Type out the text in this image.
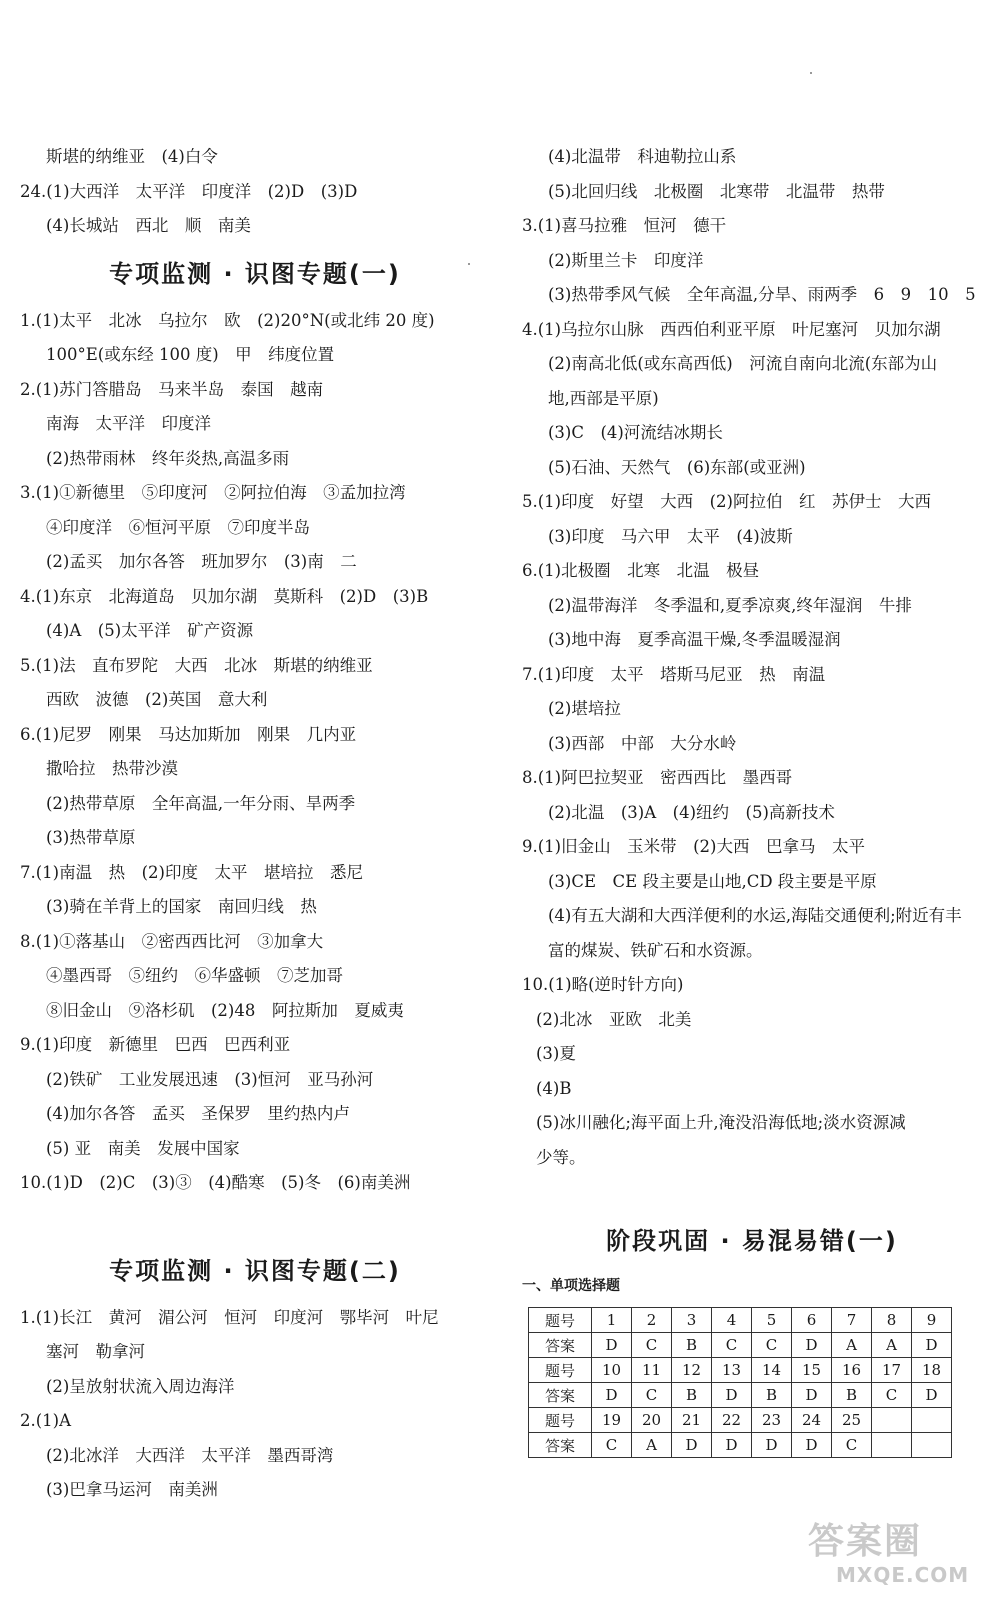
斯堪的纳维亚　(4)白令
24.(1)大西洋　太平洋　印度洋　(2)D　(3)D
(4)长城站　西北　顺　南美
专项监测 · 识图专题(一)
1.(1)太平　北冰　乌拉尔　欧　(2)20°N(或北纬 20 度)
100°E(或东经 100 度)　甲　纬度位置
2.(1)苏门答腊岛　马来半岛　泰国　越南
南海　太平洋　印度洋
(2)热带雨林　终年炎热,高温多雨
3.(1)①新德里　⑤印度河　②阿拉伯海　③孟加拉湾
④印度洋　⑥恒河平原　⑦印度半岛
(2)孟买　加尔各答　班加罗尔　(3)南　二
4.(1)东京　北海道岛　贝加尔湖　莫斯科　(2)D　(3)B
(4)A　(5)太平洋　矿产资源
5.(1)法　直布罗陀　大西　北冰　斯堪的纳维亚
西欧　波德　(2)英国　意大利
6.(1)尼罗　刚果　马达加斯加　刚果　几内亚
撒哈拉　热带沙漠
(2)热带草原　全年高温,一年分雨、旱两季
(3)热带草原
7.(1)南温　热　(2)印度　太平　堪培拉　悉尼
(3)骑在羊背上的国家　南回归线　热
8.(1)①落基山　②密西西比河　③加拿大
④墨西哥　⑤纽约　⑥华盛顿　⑦芝加哥
⑧旧金山　⑨洛杉矶　(2)48　阿拉斯加　夏威夷
9.(1)印度　新德里　巴西　巴西利亚
(2)铁矿　工业发展迅速　(3)恒河　亚马孙河
(4)加尔各答　孟买　圣保罗　里约热内卢
(5) 亚　南美　发展中国家
10.(1)D　(2)C　(3)③　(4)酷寒　(5)冬　(6)南美洲
专项监测 · 识图专题(二)
1.(1)长江　黄河　湄公河　恒河　印度河　鄂毕河　叶尼
塞河　勒拿河
(2)呈放射状流入周边海洋
2.(1)A
(2)北冰洋　大西洋　太平洋　墨西哥湾
(3)巴拿马运河　南美洲
(4)北温带　科迪勒拉山系
(5)北回归线　北极圈　北寒带　北温带　热带
3.(1)喜马拉雅　恒河　德干
(2)斯里兰卡　印度洋
(3)热带季风气候　全年高温,分旱、雨两季　6　9　10　5
4.(1)乌拉尔山脉　西西伯利亚平原　叶尼塞河　贝加尔湖
(2)南高北低(或东高西低)　河流自南向北流(东部为山
地,西部是平原)
(3)C　(4)河流结冰期长
(5)石油、天然气　(6)东部(或亚洲)
5.(1)印度　好望　大西　(2)阿拉伯　红　苏伊士　大西
(3)印度　马六甲　太平　(4)波斯
6.(1)北极圈　北寒　北温　极昼
(2)温带海洋　冬季温和,夏季凉爽,终年湿润　牛排
(3)地中海　夏季高温干燥,冬季温暖湿润
7.(1)印度　太平　塔斯马尼亚　热　南温
(2)堪培拉
(3)西部　中部　大分水岭
8.(1)阿巴拉契亚　密西西比　墨西哥
(2)北温　(3)A　(4)纽约　(5)高新技术
9.(1)旧金山　玉米带　(2)大西　巴拿马　太平
(3)CE　CE 段主要是山地,CD 段主要是平原
(4)有五大湖和大西洋便利的水运,海陆交通便利;附近有丰
富的煤炭、铁矿石和水资源。
10.(1)略(逆时针方向)
(2)北冰　亚欧　北美
(3)夏
(4)B
(5)冰川融化;海平面上升,淹没沿海低地;淡水资源减
少等。
阶段巩固 · 易混易错(一)
一、单项选择题
题号	1	2	3	4	5	6	7	8	9
答案	D	C	B	C	C	D	A	A	D
题号	10	11	12	13	14	15	16	17	18
答案	D	C	B	D	B	D	B	C	D
题号	19	20	21	22	23	24	25		
答案	C	A	D	D	D	D	C		
答案圈
MXQE.COM
